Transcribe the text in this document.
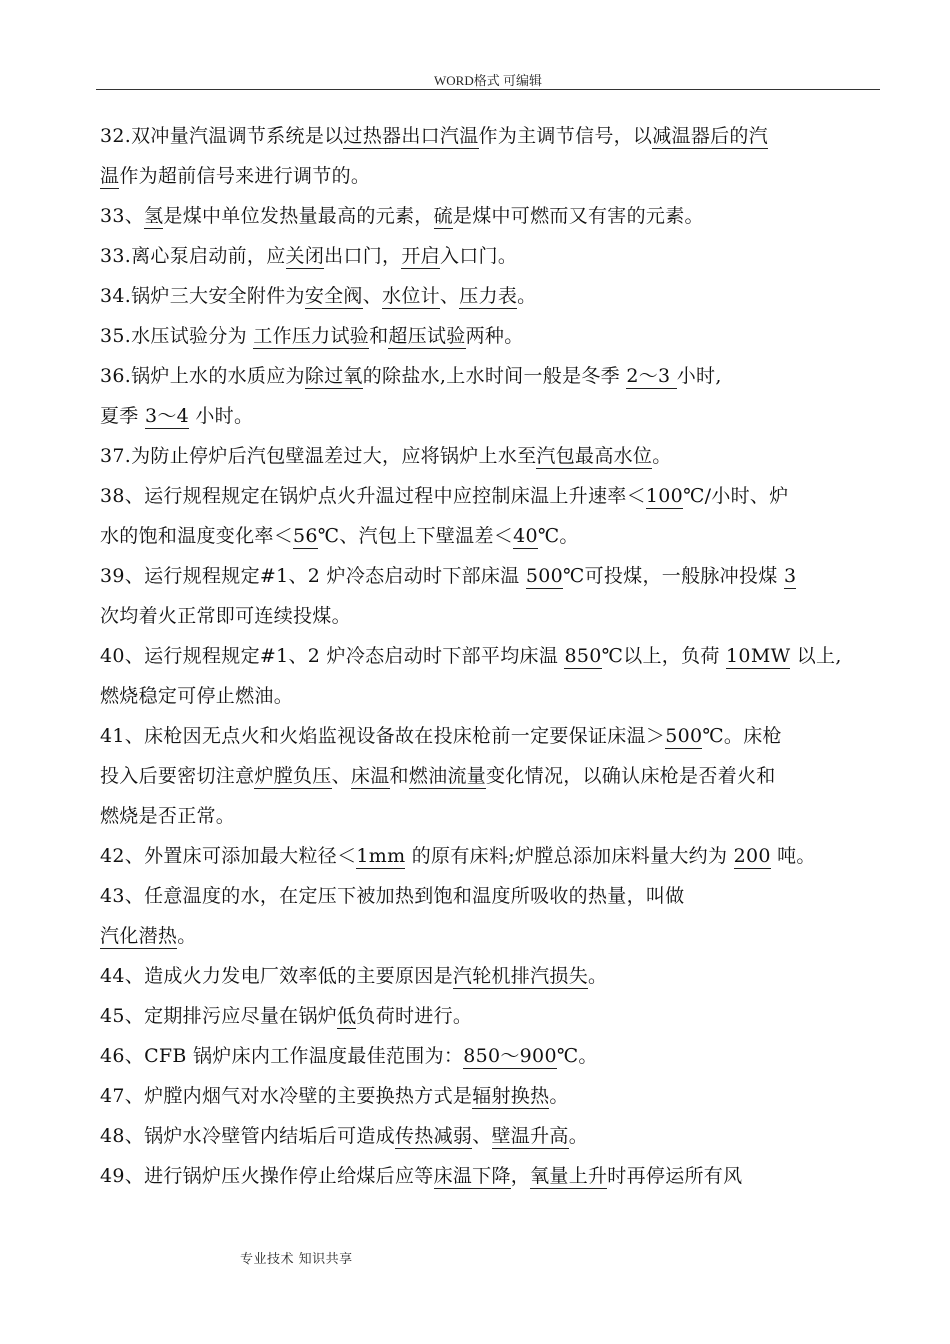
WORD格式 可编辑
32.双冲量汽温调节系统是以过热器出口汽温作为主调节信号，以减温器后的汽
温作为超前信号来进行调节的。
33、氢是煤中单位发热量最高的元素，硫是煤中可燃而又有害的元素。
33.离心泵启动前，应关闭出口门，开启入口门。
34.锅炉三大安全附件为安全阀、水位计、压力表。
35.水压试验分为 工作压力试验和超压试验两种。
36.锅炉上水的水质应为除过氧的除盐水,上水时间一般是冬季 2～3 小时,
夏季 3～4 小时。
37.为防止停炉后汽包壁温差过大，应将锅炉上水至汽包最高水位。
38、运行规程规定在锅炉点火升温过程中应控制床温上升速率＜100℃/小时、炉
水的饱和温度变化率＜56℃、汽包上下壁温差＜40℃。
39、运行规程规定#1、2 炉冷态启动时下部床温 500℃可投煤，一般脉冲投煤 3
次均着火正常即可连续投煤。
40、运行规程规定#1、2 炉冷态启动时下部平均床温 850℃以上，负荷 10MW 以上,
燃烧稳定可停止燃油。
41、床枪因无点火和火焰监视设备故在投床枪前一定要保证床温＞500℃。床枪
投入后要密切注意炉膛负压、床温和燃油流量变化情况，以确认床枪是否着火和
燃烧是否正常。
42、外置床可添加最大粒径＜1mm 的原有床料;炉膛总添加床料量大约为 200 吨。
43、任意温度的水，在定压下被加热到饱和温度所吸收的热量，叫做
汽化潜热。
44、造成火力发电厂效率低的主要原因是汽轮机排汽损失。
45、定期排污应尽量在锅炉低负荷时进行。
46、CFB 锅炉床内工作温度最佳范围为：850～900℃。
47、炉膛内烟气对水冷壁的主要换热方式是辐射换热。
48、锅炉水冷壁管内结垢后可造成传热减弱、壁温升高。
49、进行锅炉压火操作停止给煤后应等床温下降，氧量上升时再停运所有风
专业技术 知识共享
